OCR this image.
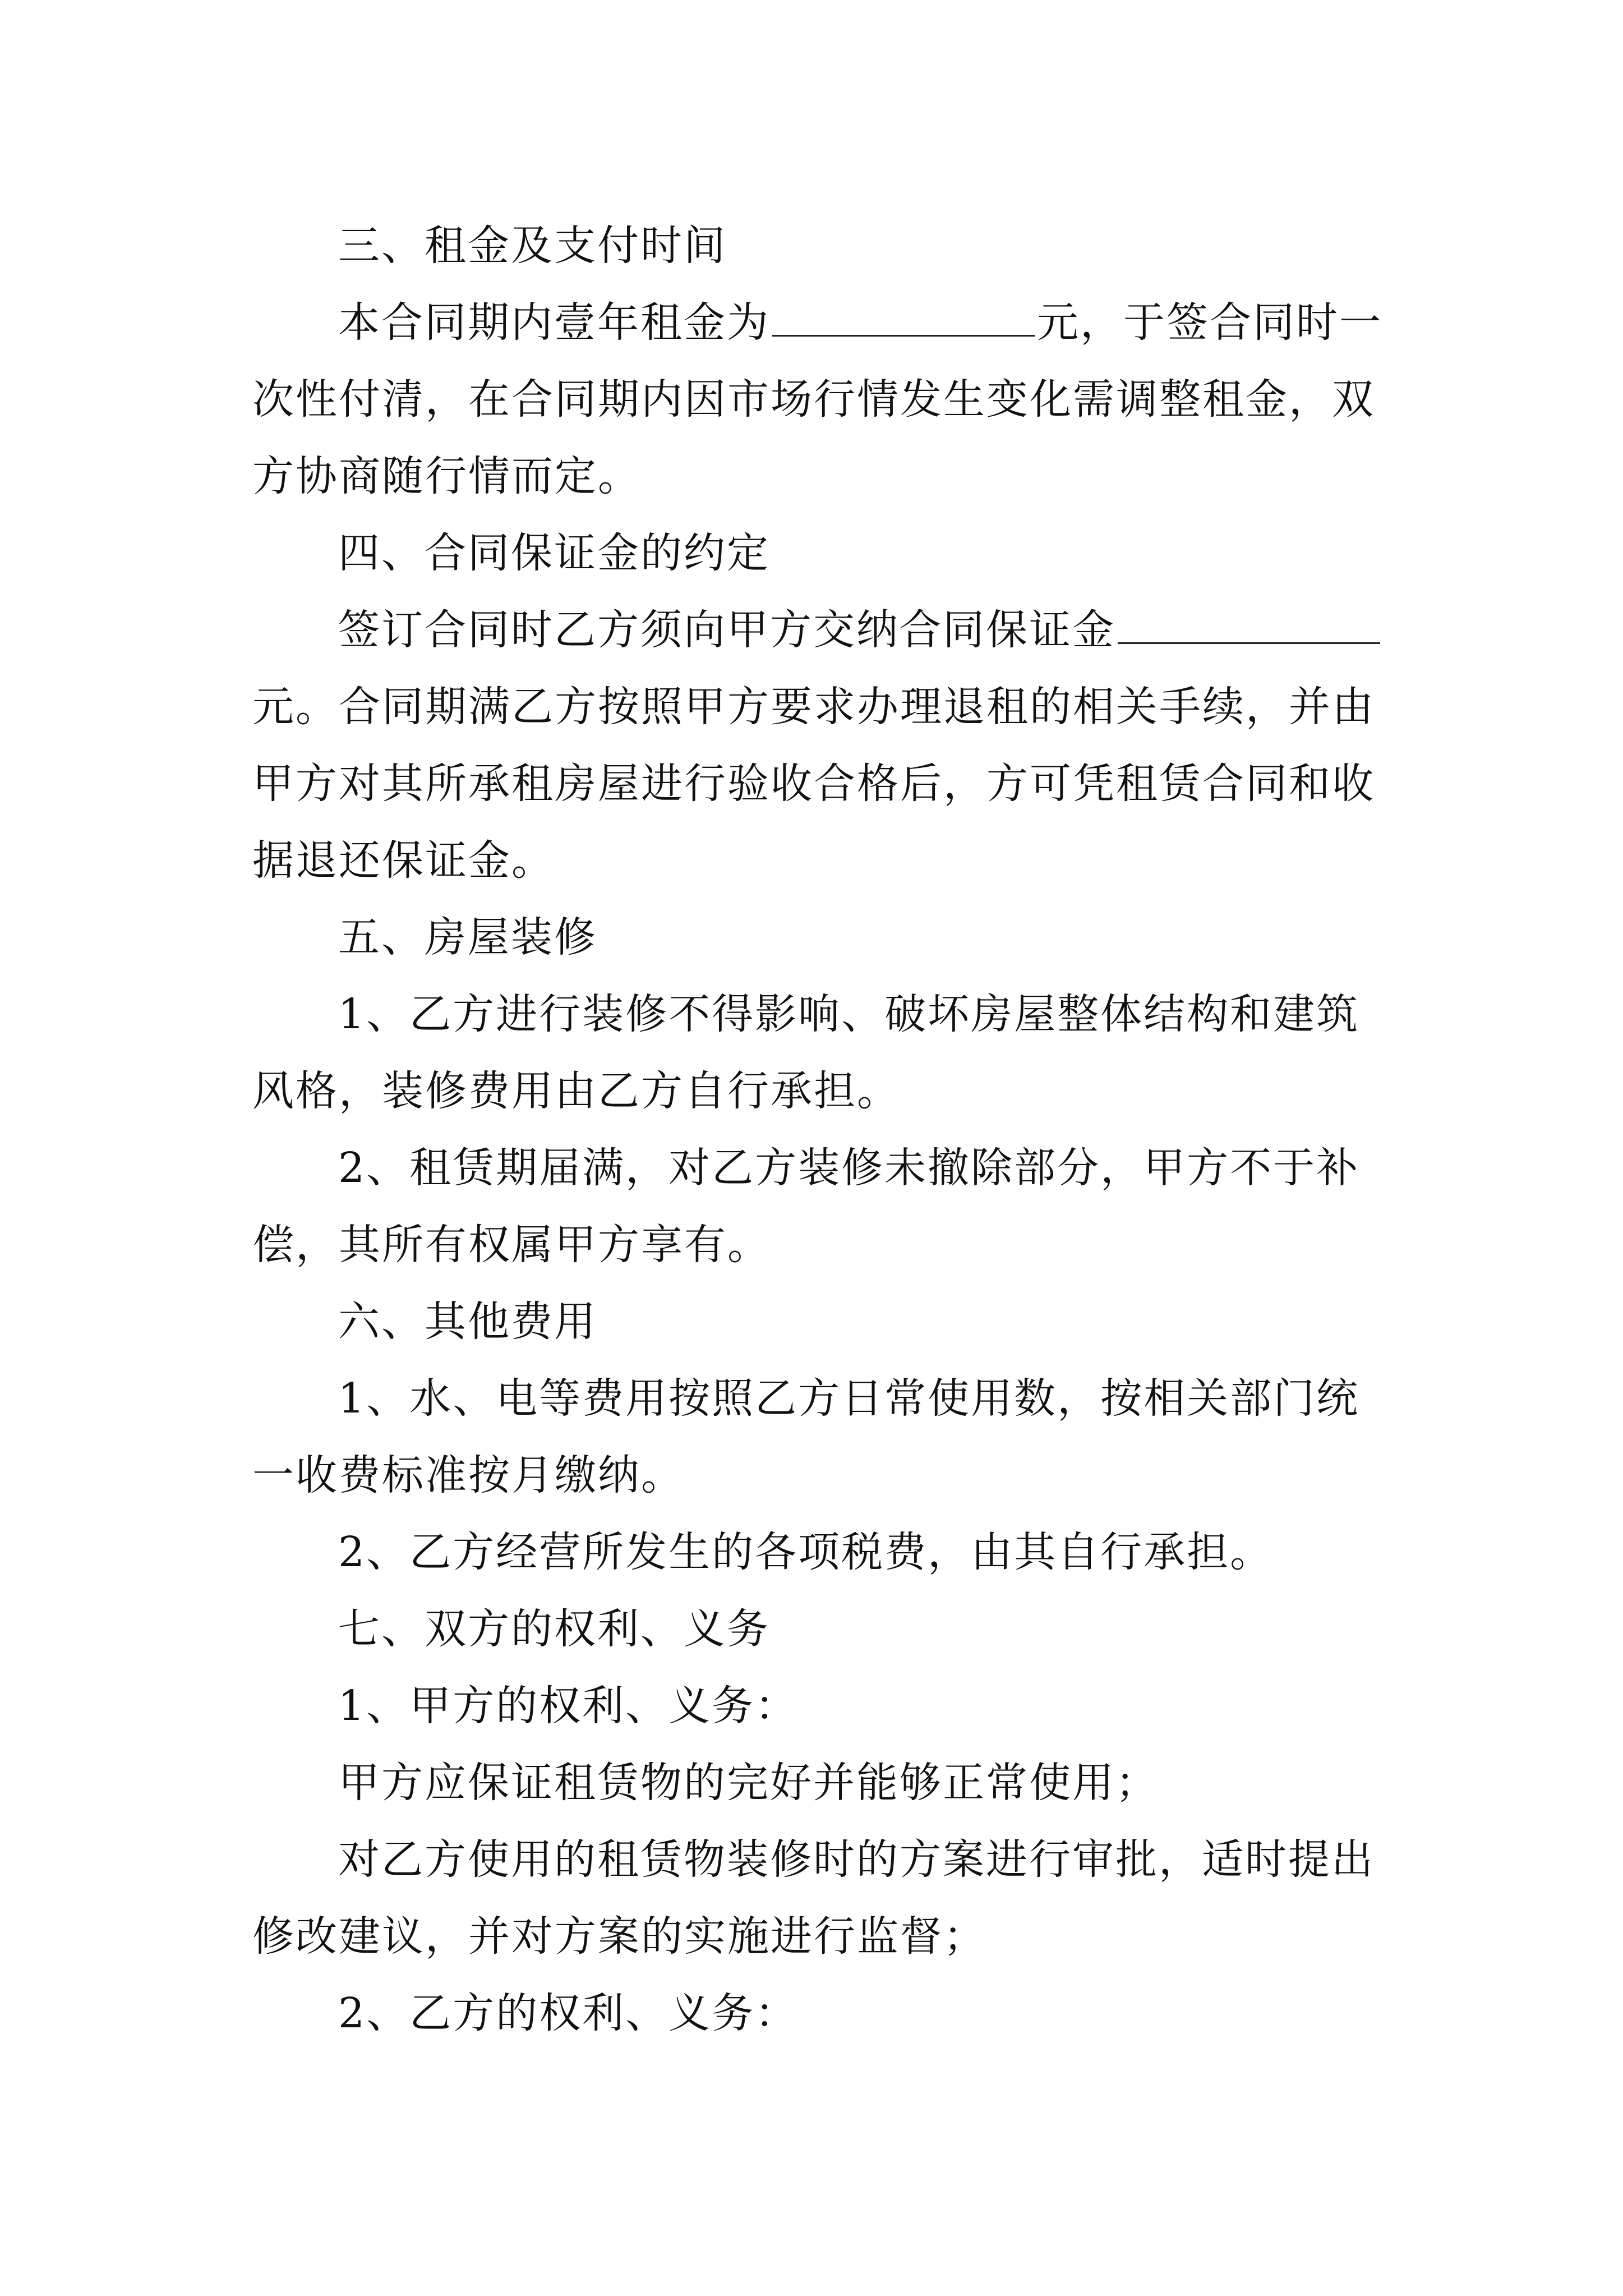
三、租金及支付时间
本合同期内壹年租金为	元，于签合同时一
次性付清，在合同期内因市场行情发生变化需调整租金，双
方协商随行情而定。
四、合同保证金的约定
签订合同时乙方须向甲方交纳合同保证金
元。合同期满乙方按照甲方要求办理退租的相关手续，并由
甲方对其所承租房屋进行验收合格后，方可凭租赁合同和收
据退还保证金。
五、房屋装修
1、乙方进行装修不得影响、破坏房屋整体结构和建筑
风格，装修费用由乙方自行承担。
2、租赁期届满，对乙方装修未撤除部分，甲方不于补
偿，其所有权属甲方享有。
六、其他费用
1、水、电等费用按照乙方日常使用数，按相关部门统
一收费标准按月缴纳。
2、乙方经营所发生的各项税费，由其自行承担。
七、双方的权利、义务
1、甲方的权利、义务：
甲方应保证租赁物的完好并能够正常使用；
对乙方使用的租赁物装修时的方案进行审批，适时提出
修改建议，并对方案的实施进行监督；
2、乙方的权利、义务：
